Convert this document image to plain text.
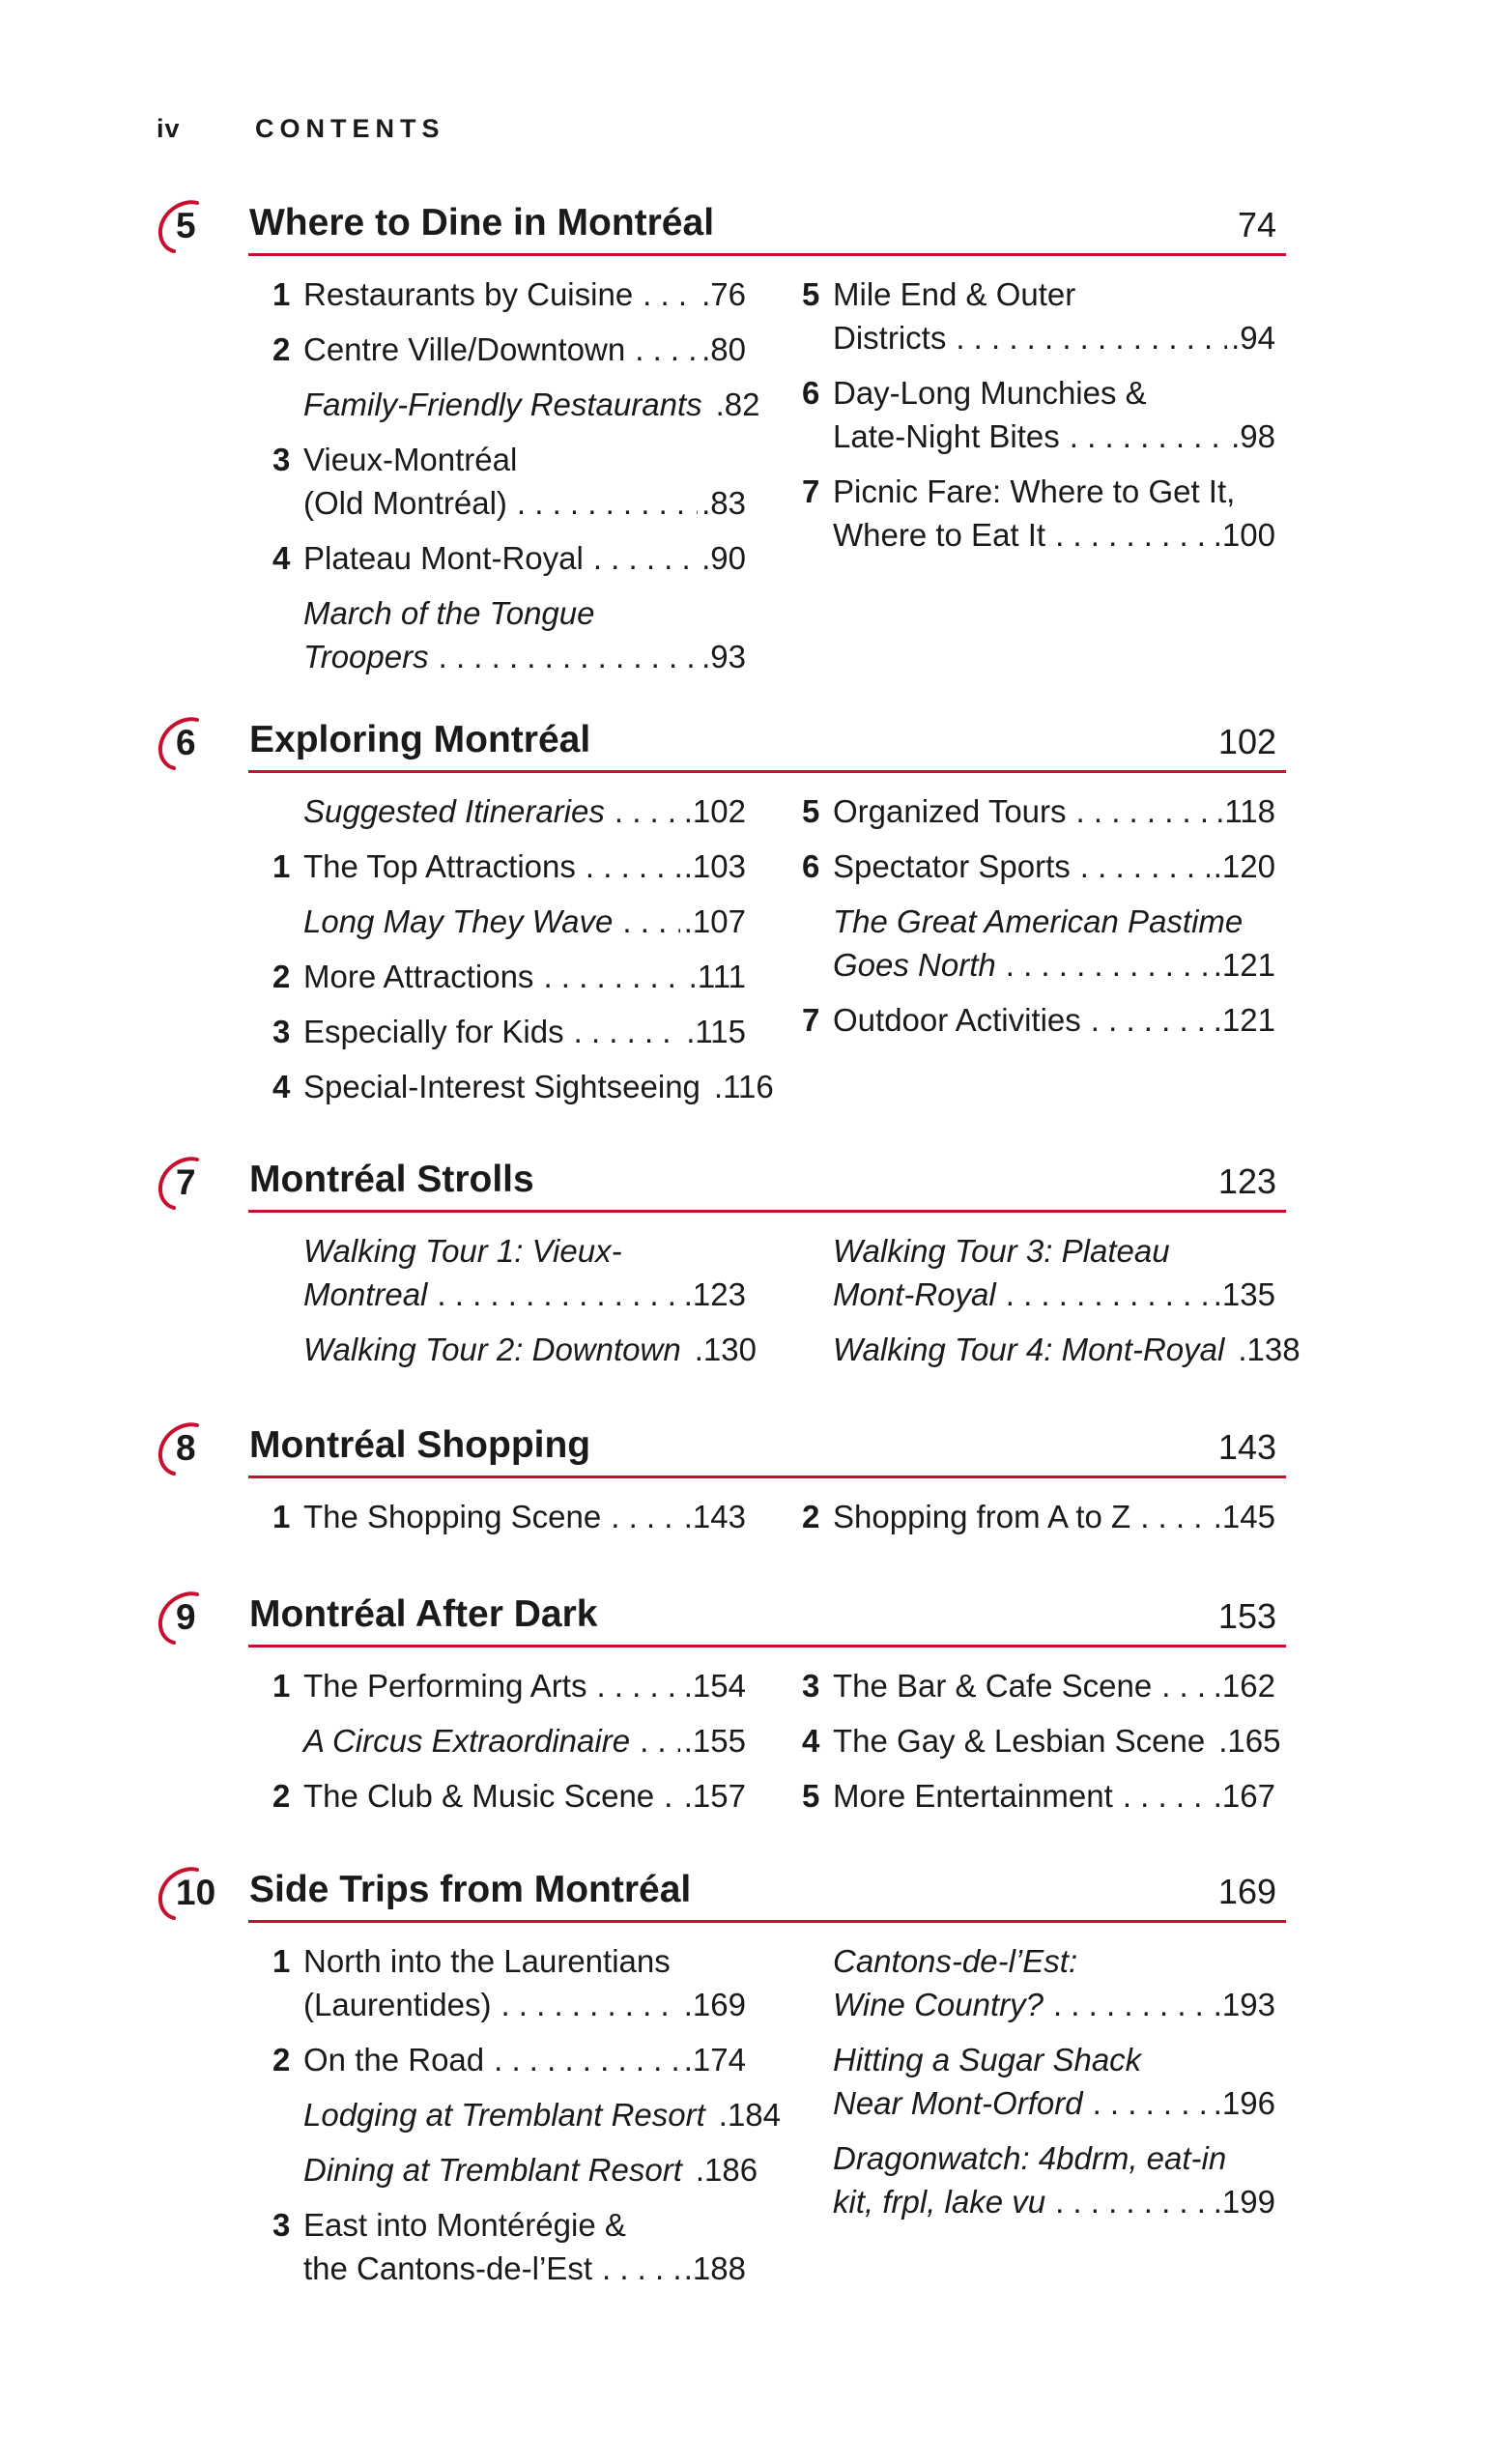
iv	CONTENTS
5	Where to Dine in Montréal	74
1 Restaurants by Cuisine . . . .76
2 Centre Ville/Downtown . . . .80
Family-Friendly Restaurants .82
3 Vieux-Montréal
(Old Montréal) . . .	.83
4 Plateau Mont-Royal . . .	.90
March of the Tongue
Troopers . . .	.93
5 Mile End & Outer
Districts . . .	.94
6 Day-Long Munchies &
Late-Night Bites . . .	.98
7 Picnic Fare: Where to Get It,
Where to Eat It . . .	.100
6	Exploring Montréal	102
Suggested Itineraries . . . .102
1 The Top Attractions . . .	.103
Long May They Wave . . . .107
2 More Attractions . . .	.111
3 Especially for Kids . . .	.115
4 Special-Interest Sightseeing .116
5 Organized Tours . . .	.118
6 Spectator Sports . . .	.120
The Great American Pastime
Goes North . . .	.121
7 Outdoor Activities . . .	.121
7	Montréal Strolls	123
Walking Tour 1: Vieux-
Montreal . . .	.123
Walking Tour 2: Downtown .130
Walking Tour 3: Plateau
Mont-Royal . . .	.135
Walking Tour 4: Mont-Royal .138
8	Montréal Shopping	143
1 The Shopping Scene . . .	.143 2 Shopping from A to Z . . .	.145
9	Montréal After Dark	153
1 The Performing Arts . . .	.154
A Circus Extraordinaire . . . .155
2 The Club & Music Scene . . . .157
3 The Bar & Cafe Scene . . . .162
4 The Gay & Lesbian Scene .165
5 More Entertainment . . .	.167
10 Side Trips from Montréal	169
1 North into the Laurentians
(Laurentides) . . .	.169
2 On the Road . . .	.174
Lodging at Tremblant Resort .184
Dining at Tremblant Resort .186
3 East into Montérégie &
the Cantons-de-l’Est . . .	.188
Cantons-de-l’Est:
Wine Country? . . .	.193
Hitting a Sugar Shack
Near Mont-Orford . . .	.196
Dragonwatch: 4bdrm, eat-in
kit, frpl, lake vu . . .	.199
